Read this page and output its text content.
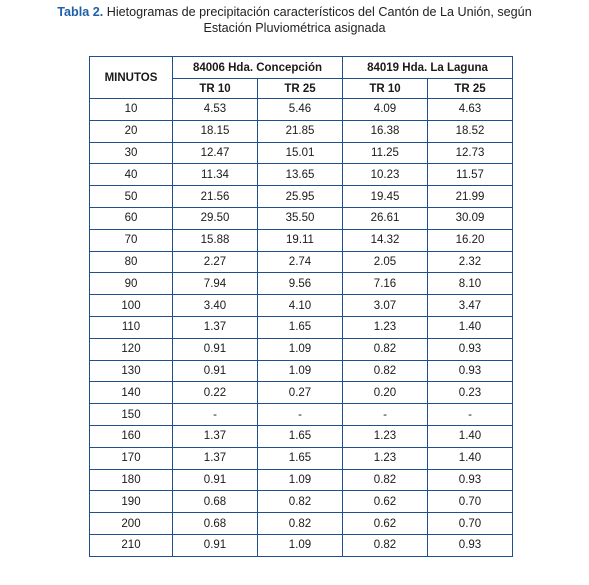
Tabla 2. Hietogramas de precipitación característicos del Cantón de La Unión, según
Estación Pluviométrica asignada
MINUTOS	84006 Hda. Concepción		84019 Hda. La Laguna	
	TR 10	TR 25	TR 10	TR 25
10	4.53	5.46	4.09	4.63
20	18.15	21.85	16.38	18.52
30	12.47	15.01	11.25	12.73
40	11.34	13.65	10.23	11.57
50	21.56	25.95	19.45	21.99
60	29.50	35.50	26.61	30.09
70	15.88	19.11	14.32	16.20
80	2.27	2.74	2.05	2.32
90	7.94	9.56	7.16	8.10
100	3.40	4.10	3.07	3.47
110	1.37	1.65	1.23	1.40
120	0.91	1.09	0.82	0.93
130	0.91	1.09	0.82	0.93
140	0.22	0.27	0.20	0.23
150	-	-	-	-
160	1.37	1.65	1.23	1.40
170	1.37	1.65	1.23	1.40
180	0.91	1.09	0.82	0.93
190	0.68	0.82	0.62	0.70
200	0.68	0.82	0.62	0.70
210	0.91	1.09	0.82	0.93
